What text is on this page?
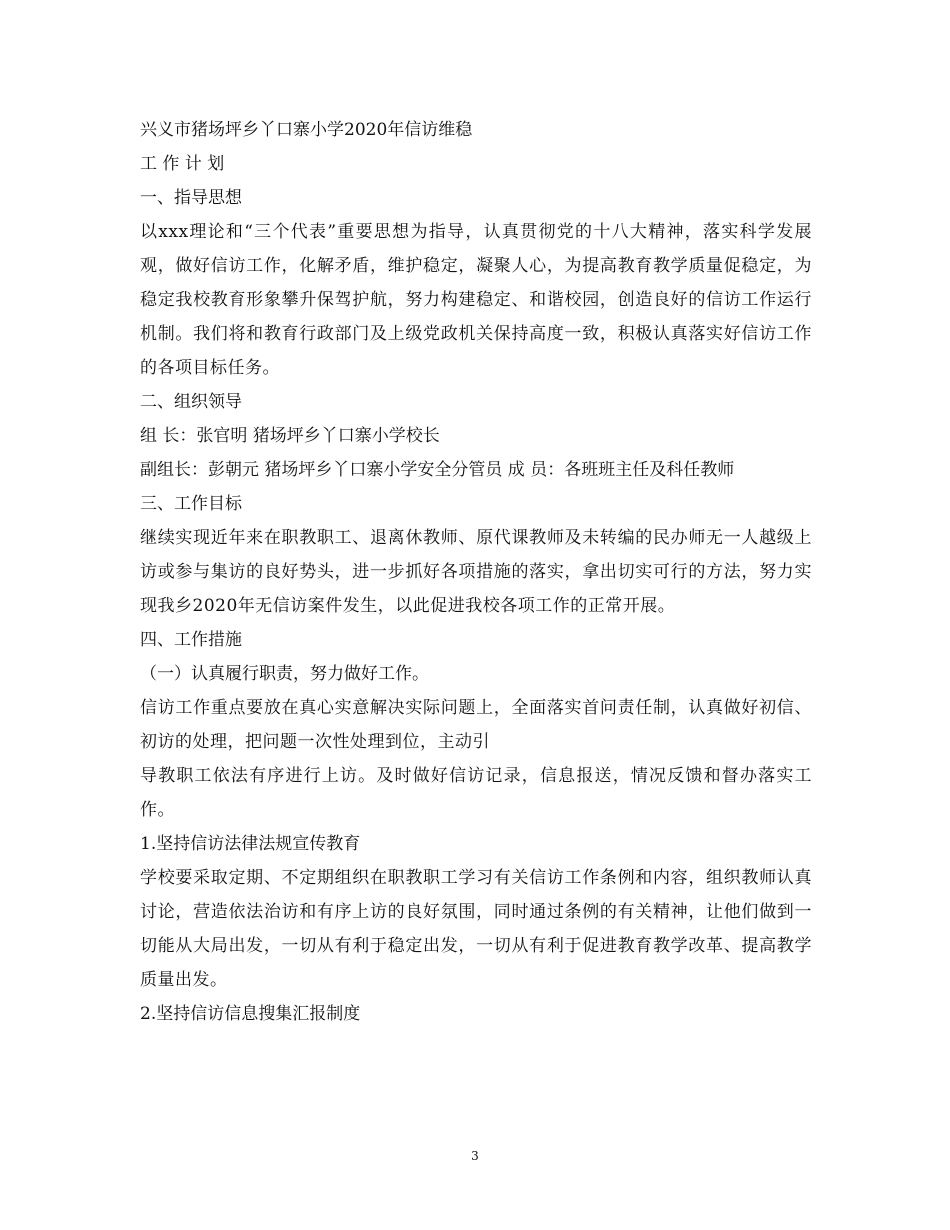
兴义市猪场坪乡丫口寨小学2020年信访维稳
工 作 计 划
一、指导思想
以xxx理论和“三个代表”重要思想为指导，认真贯彻党的十八大精神，落实科学发展观，做好信访工作，化解矛盾，维护稳定，凝聚人心，为提高教育教学质量促稳定，为稳定我校教育形象攀升保驾护航，努力构建稳定、和谐校园，创造良好的信访工作运行机制。我们将和教育行政部门及上级党政机关保持高度一致，积极认真落实好信访工作的各项目标任务。
二、组织领导
组 长：张官明 猪场坪乡丫口寨小学校长
副组长：彭朝元 猪场坪乡丫口寨小学安全分管员 成 员：各班班主任及科任教师
三、工作目标
继续实现近年来在职教职工、退离休教师、原代课教师及未转编的民办师无一人越级上访或参与集访的良好势头，进一步抓好各项措施的落实，拿出切实可行的方法，努力实现我乡2020年无信访案件发生，以此促进我校各项工作的正常开展。
四、工作措施
（一）认真履行职责，努力做好工作。
信访工作重点要放在真心实意解决实际问题上，全面落实首问责任制，认真做好初信、初访的处理，把问题一次性处理到位，主动引
导教职工依法有序进行上访。及时做好信访记录，信息报送，情况反馈和督办落实工作。
1.坚持信访法律法规宣传教育
学校要采取定期、不定期组织在职教职工学习有关信访工作条例和内容，组织教师认真讨论，营造依法治访和有序上访的良好氛围，同时通过条例的有关精神，让他们做到一切能从大局出发，一切从有利于稳定出发，一切从有利于促进教育教学改革、提高教学质量出发。
2.坚持信访信息搜集汇报制度
3
